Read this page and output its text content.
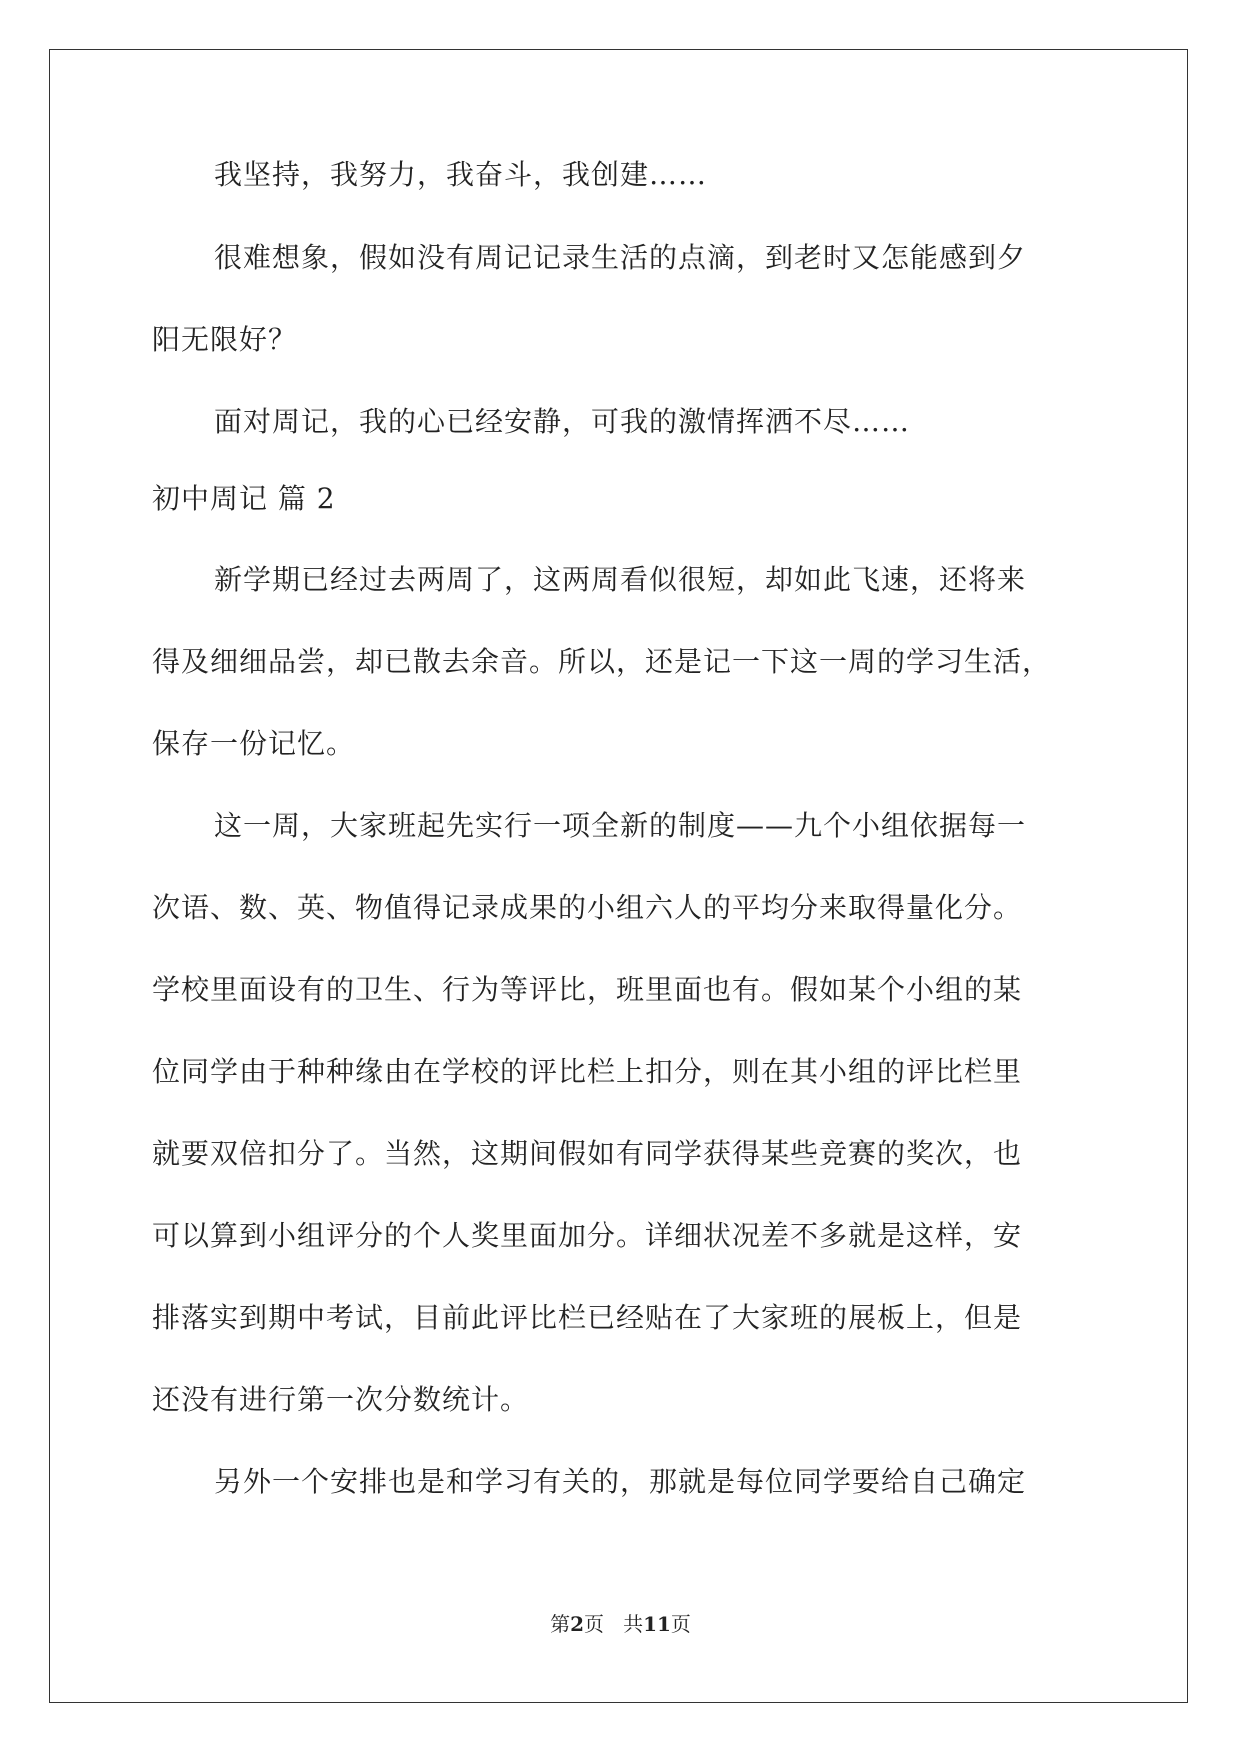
我坚持，我努力，我奋斗，我创建……

很难想象，假如没有周记记录生活的点滴，到老时又怎能感到夕

阳无限好？

面对周记，我的心已经安静，可我的激情挥洒不尽……

初中周记 篇 2

新学期已经过去两周了，这两周看似很短，却如此飞速，还将来

得及细细品尝，却已散去余音。所以，还是记一下这一周的学习生活，

保存一份记忆。

这一周，大家班起先实行一项全新的制度——九个小组依据每一

次语、数、英、物值得记录成果的小组六人的平均分来取得量化分。

学校里面设有的卫生、行为等评比，班里面也有。假如某个小组的某

位同学由于种种缘由在学校的评比栏上扣分，则在其小组的评比栏里

就要双倍扣分了。当然，这期间假如有同学获得某些竞赛的奖次，也

可以算到小组评分的个人奖里面加分。详细状况差不多就是这样，安

排落实到期中考试，目前此评比栏已经贴在了大家班的展板上，但是

还没有进行第一次分数统计。

另外一个安排也是和学习有关的，那就是每位同学要给自己确定

第2页 共11页
